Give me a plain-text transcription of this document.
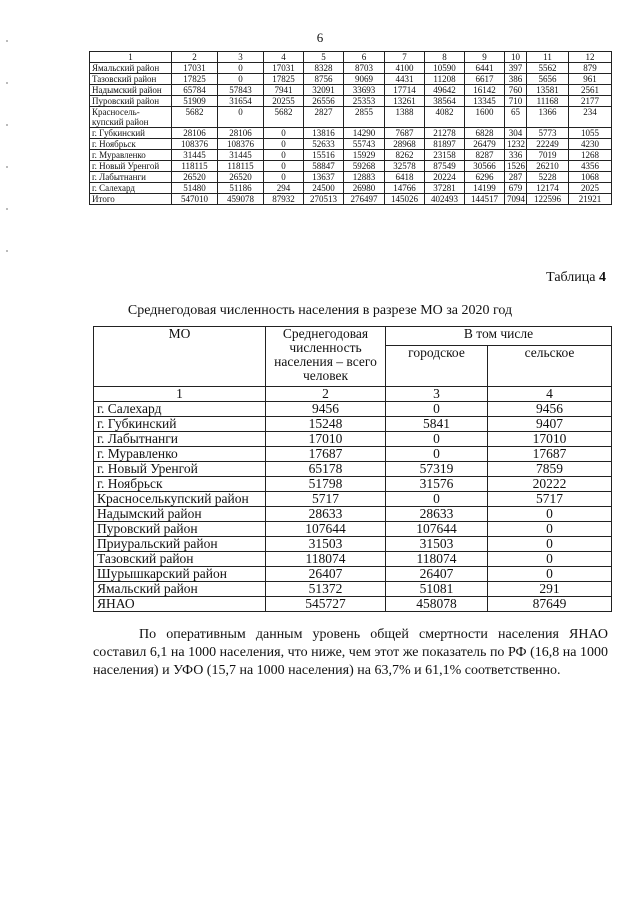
6
1	2	3	4	5	6	7	8	9	10	11	12
Ямальский район	17031	0	17031	8328	8703	4100	10590	6441	397	5562	879
Тазовский район	17825	0	17825	8756	9069	4431	11208	6617	386	5656	961
Надымский район	65784	57843	7941	32091	33693	17714	49642	16142	760	13581	2561
Пуровский район	51909	31654	20255	26556	25353	13261	38564	13345	710	11168	2177
Красносель-купский район	5682	0	5682	2827	2855	1388	4082	1600	65	1366	234
г. Губкинский	28106	28106	0	13816	14290	7687	21278	6828	304	5773	1055
г. Ноябрьск	108376	108376	0	52633	55743	28968	81897	26479	1232	22249	4230
г. Муравленко	31445	31445	0	15516	15929	8262	23158	8287	336	7019	1268
г. Новый Уренгой	118115	118115	0	58847	59268	32578	87549	30566	1526	26210	4356
г. Лабытнанги	26520	26520	0	13637	12883	6418	20224	6296	287	5228	1068
г. Салехард	51480	51186	294	24500	26980	14766	37281	14199	679	12174	2025
Итого	547010	459078	87932	270513	276497	145026	402493	144517	7094	122596	21921
Таблица 4
Среднегодовая численность населения в разрезе МО за 2020 год
МО	Среднегодовая численность населения – всего человек	В том числе	
		городское	сельское
1	2	3	4
г. Салехард	9456	0	9456
г. Губкинский	15248	5841	9407
г. Лабытнанги	17010	0	17010
г. Муравленко	17687	0	17687
г. Новый Уренгой	65178	57319	7859
г. Ноябрьск	51798	31576	20222
Красноселькупский район	5717	0	5717
Надымский район	28633	28633	0
Пуровский район	107644	107644	0
Приуральский район	31503	31503	0
Тазовский район	118074	118074	0
Шурышкарский район	26407	26407	0
Ямальский район	51372	51081	291
ЯНАО	545727	458078	87649
По оперативным данным уровень общей смертности населения ЯНАО составил 6,1 на 1000 населения, что ниже, чем этот же показатель по РФ (16,8 на 1000 населения) и УФО (15,7 на 1000 населения) на 63,7% и 61,1% соответственно.
